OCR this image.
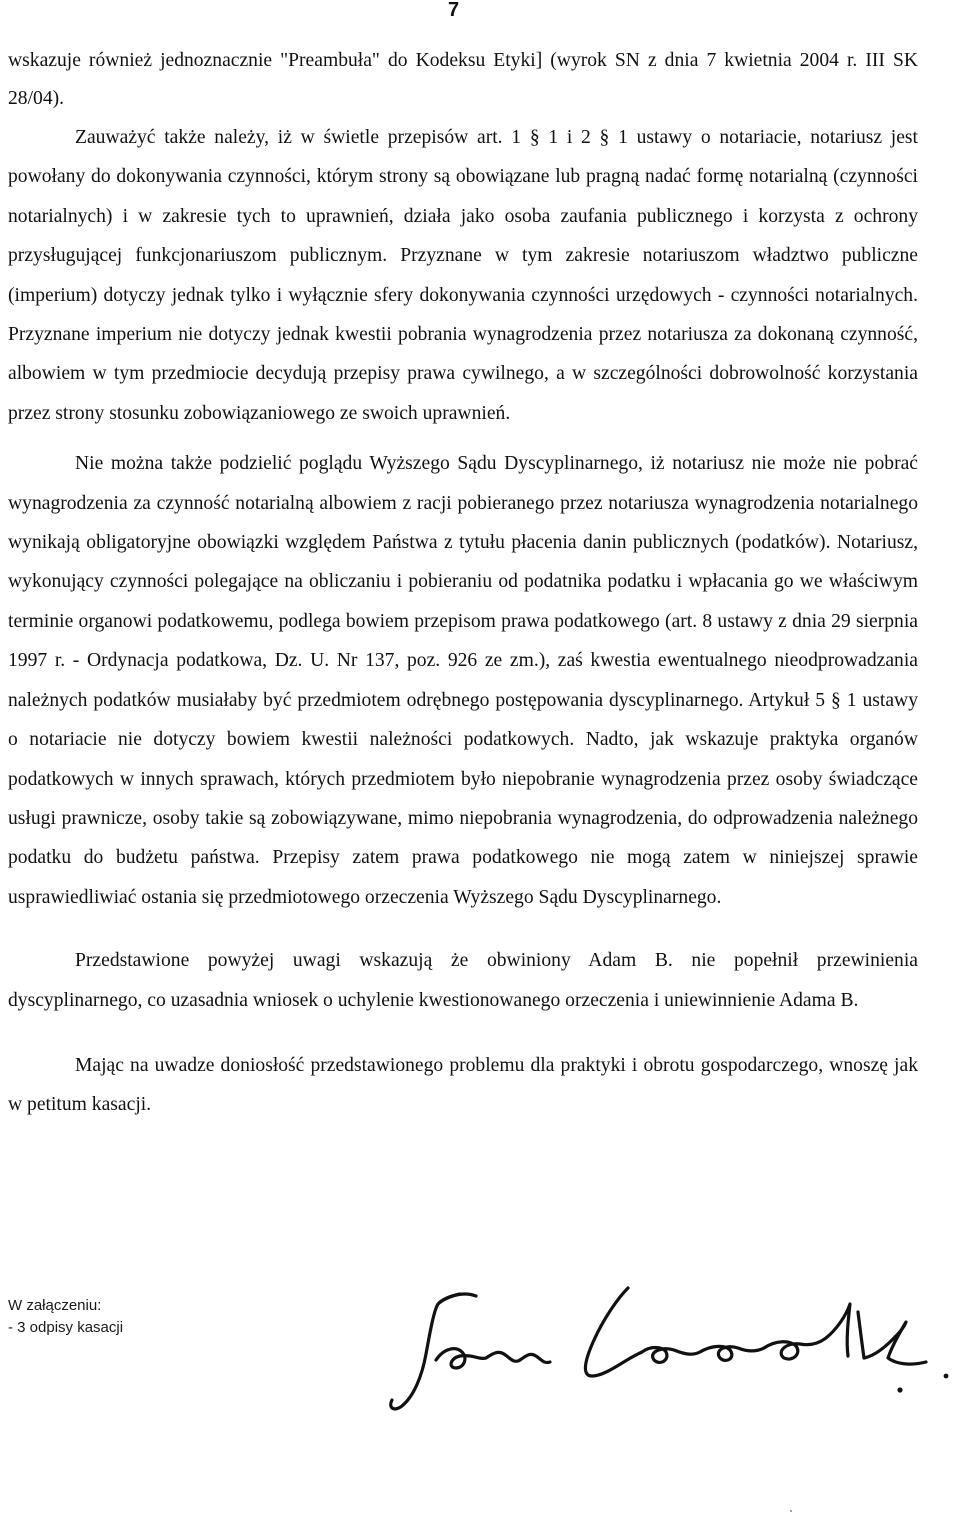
7

wskazuje również jednoznacznie "Preambuła" do Kodeksu Etyki] (wyrok SN z dnia 7 kwietnia 2004 r. III SK 28/04).

Zauważyć także należy, iż w świetle przepisów art. 1 § 1 i 2 § 1 ustawy o notariacie, notariusz jest powołany do dokonywania czynności, którym strony są obowiązane lub pragną nadać formę notarialną (czynności notarialnych) i w zakresie tych to uprawnień, działa jako osoba zaufania publicznego i korzysta z ochrony przysługującej funkcjonariuszom publicznym. Przyznane w tym zakresie notariuszom władztwo publiczne (imperium) dotyczy jednak tylko i wyłącznie sfery dokonywania czynności urzędowych - czynności notarialnych. Przyznane imperium nie dotyczy jednak kwestii pobrania wynagrodzenia przez notariusza za dokonaną czynność, albowiem w tym przedmiocie decydują przepisy prawa cywilnego, a w szczególności dobrowolność korzystania przez strony stosunku zobowiązaniowego ze swoich uprawnień.

Nie można także podzielić poglądu Wyższego Sądu Dyscyplinarnego, iż notariusz nie może nie pobrać wynagrodzenia za czynność notarialną albowiem z racji pobieranego przez notariusza wynagrodzenia notarialnego wynikają obligatoryjne obowiązki względem Państwa z tytułu płacenia danin publicznych (podatków). Notariusz, wykonujący czynności polegające na obliczaniu i pobieraniu od podatnika podatku i wpłacania go we właściwym terminie organowi podatkowemu, podlega bowiem przepisom prawa podatkowego (art. 8 ustawy z dnia 29 sierpnia 1997 r. - Ordynacja podatkowa, Dz. U. Nr 137, poz. 926 ze zm.), zaś kwestia ewentualnego nieodprowadzania należnych podatków musiałaby być przedmiotem odrębnego postępowania dyscyplinarnego. Artykuł 5 § 1 ustawy o notariacie nie dotyczy bowiem kwestii należności podatkowych. Nadto, jak wskazuje praktyka organów podatkowych w innych sprawach, których przedmiotem było niepobranie wynagrodzenia przez osoby świadczące usługi prawnicze, osoby takie są zobowiązywane, mimo niepobrania wynagrodzenia, do odprowadzenia należnego podatku do budżetu państwa. Przepisy zatem prawa podatkowego nie mogą zatem w niniejszej sprawie usprawiedliwiać ostania się przedmiotowego orzeczenia Wyższego Sądu Dyscyplinarnego.

Przedstawione powyżej uwagi wskazują że obwiniony Adam B. nie popełnił przewinienia dyscyplinarnego, co uzasadnia wniosek o uchylenie kwestionowanego orzeczenia i uniewinnienie Adama B.

Mając na uwadze doniosłość przedstawionego problemu dla praktyki i obrotu gospodarczego, wnoszę jak w petitum kasacji.

W załączeniu:
- 3 odpisy kasacji
